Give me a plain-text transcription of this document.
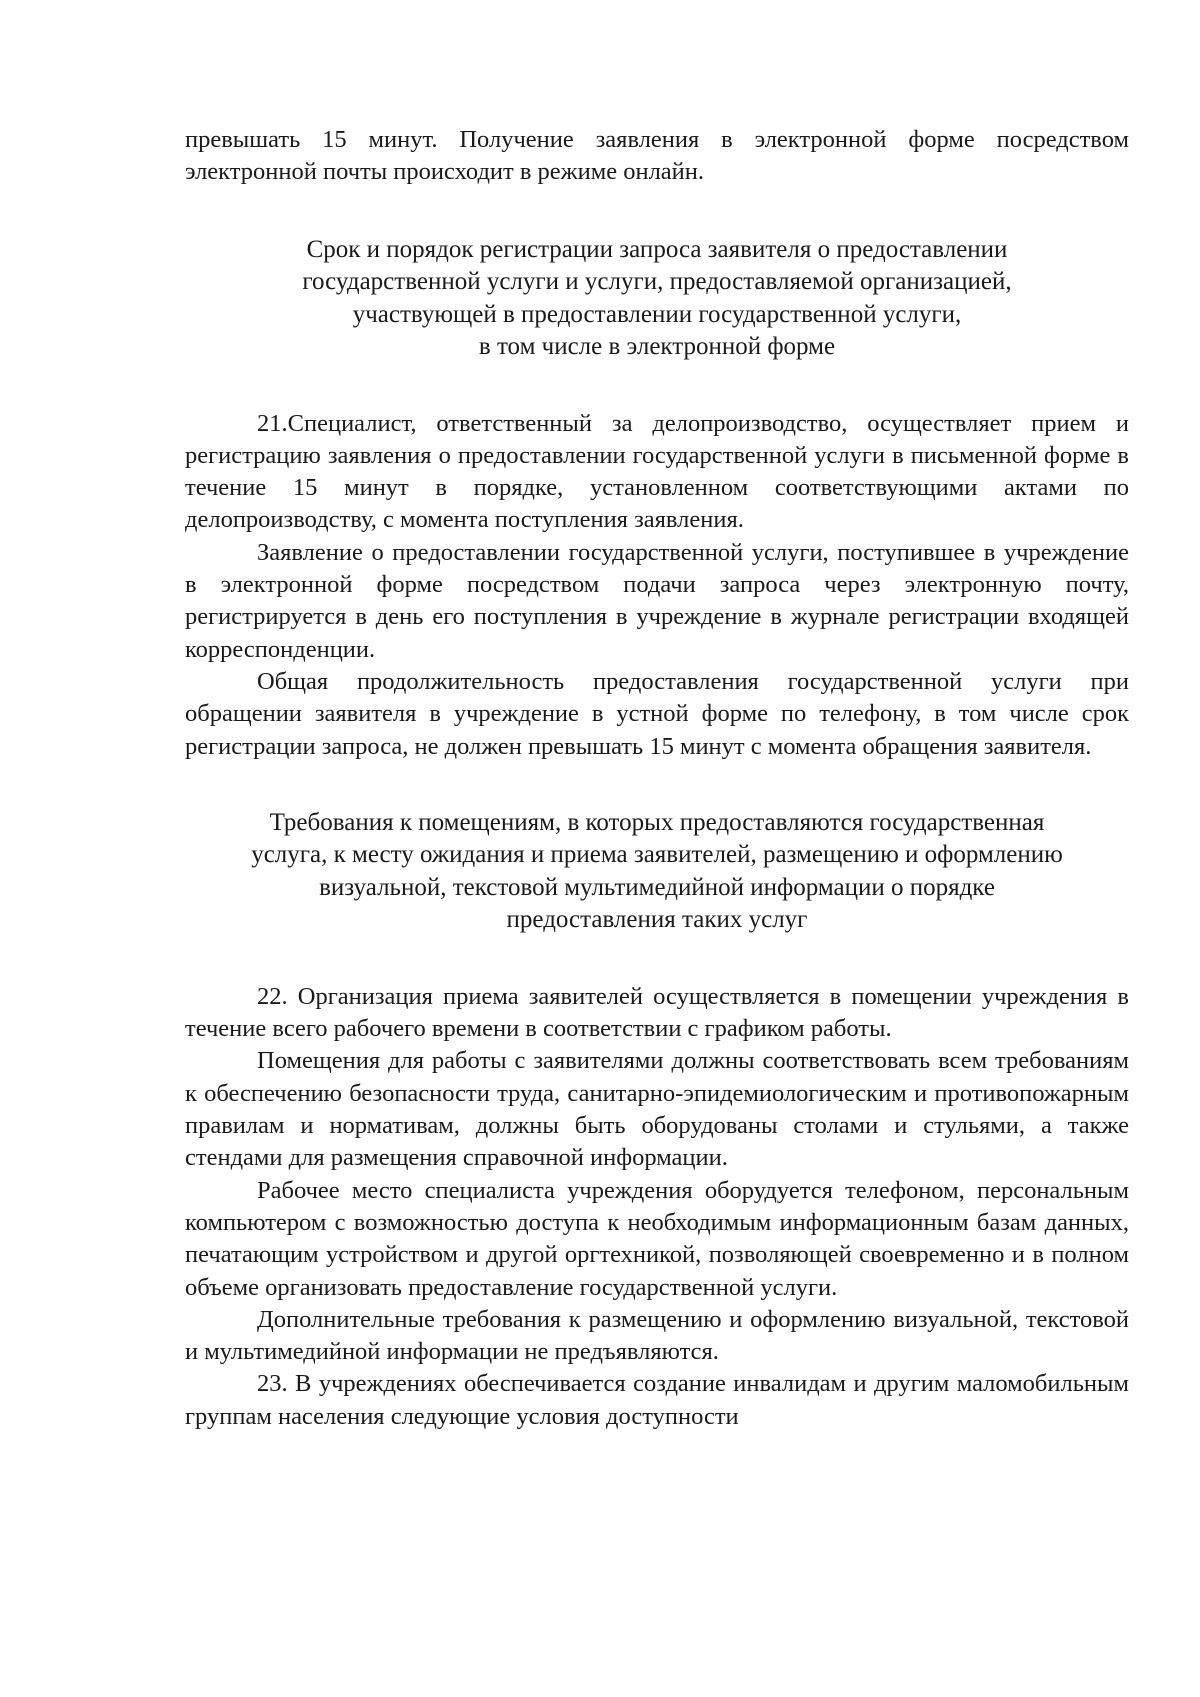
превышать 15 минут. Получение заявления в электронной форме посредством электронной почты происходит в режиме онлайн.

Срок и порядок регистрации запроса заявителя о предоставлении
государственной услуги и услуги, предоставляемой организацией,
участвующей в предоставлении государственной услуги,
в том числе в электронной форме

21.Специалист, ответственный за делопроизводство, осуществляет прием и регистрацию заявления о предоставлении государственной услуги в письменной форме в течение 15 минут в порядке, установленном соответствующими актами по делопроизводству, с момента поступления заявления.

Заявление о предоставлении государственной услуги, поступившее в учреждение в электронной форме посредством подачи запроса через электронную почту, регистрируется в день его поступления в учреждение в журнале регистрации входящей корреспонденции.

Общая продолжительность предоставления государственной услуги при обращении заявителя в учреждение в устной форме по телефону, в том числе срок регистрации запроса, не должен превышать 15 минут с момента обращения заявителя.

Требования к помещениям, в которых предоставляются государственная
услуга, к месту ожидания и приема заявителей, размещению и оформлению
визуальной, текстовой мультимедийной информации о порядке
предоставления таких услуг

22. Организация приема заявителей осуществляется в помещении учреждения в течение всего рабочего времени в соответствии с графиком работы.

Помещения для работы с заявителями должны соответствовать всем требованиям к обеспечению безопасности труда, санитарно-эпидемиологическим и противопожарным правилам и нормативам, должны быть оборудованы столами и стульями, а также стендами для размещения справочной информации.

Рабочее место специалиста учреждения оборудуется телефоном, персональным компьютером с возможностью доступа к необходимым информационным базам данных, печатающим устройством и другой оргтехникой, позволяющей своевременно и в полном объеме организовать предоставление государственной услуги.

Дополнительные требования к размещению и оформлению визуальной, текстовой и мультимедийной информации не предъявляются.

23. В учреждениях обеспечивается создание инвалидам и другим маломобильным группам населения следующие условия доступности
